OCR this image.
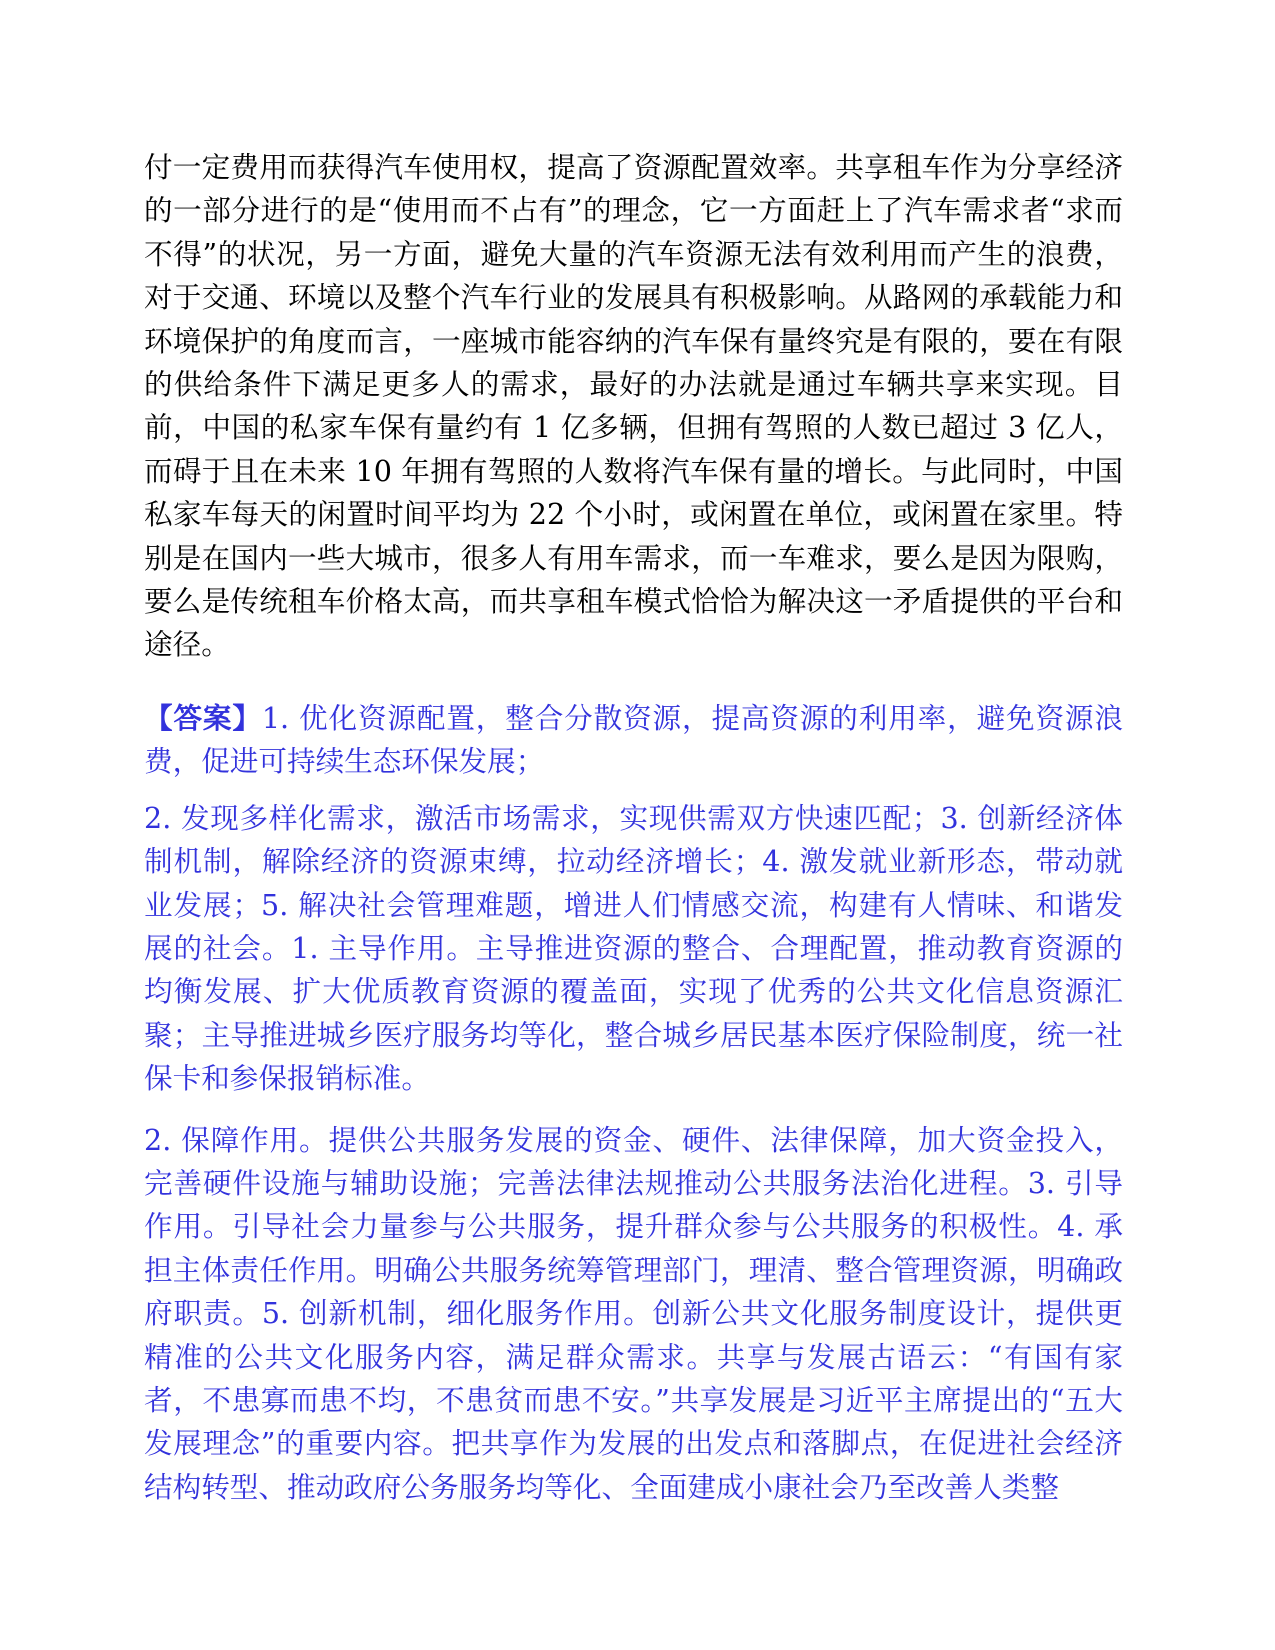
付一定费用而获得汽车使用权，提高了资源配置效率。共享租车作为分享经济的一部分进行的是“使用而不占有”的理念，它一方面赶上了汽车需求者“求而不得”的状况，另一方面，避免大量的汽车资源无法有效利用而产生的浪费，对于交通、环境以及整个汽车行业的发展具有积极影响。从路网的承载能力和环境保护的角度而言，一座城市能容纳的汽车保有量终究是有限的，要在有限的供给条件下满足更多人的需求，最好的办法就是通过车辆共享来实现。目前，中国的私家车保有量约有 1 亿多辆，但拥有驾照的人数已超过 3 亿人，而碍于且在未来 10 年拥有驾照的人数将汽车保有量的增长。与此同时，中国私家车每天的闲置时间平均为 22 个小时，或闲置在单位，或闲置在家里。特别是在国内一些大城市，很多人有用车需求，而一车难求，要么是因为限购，要么是传统租车价格太高，而共享租车模式恰恰为解决这一矛盾提供的平台和途径。

【答案】1. 优化资源配置，整合分散资源，提高资源的利用率，避免资源浪费，促进可持续生态环保发展；

2. 发现多样化需求，激活市场需求，实现供需双方快速匹配；3. 创新经济体制机制，解除经济的资源束缚，拉动经济增长；4. 激发就业新形态，带动就业发展；5. 解决社会管理难题，增进人们情感交流，构建有人情味、和谐发展的社会。1. 主导作用。主导推进资源的整合、合理配置，推动教育资源的均衡发展、扩大优质教育资源的覆盖面，实现了优秀的公共文化信息资源汇聚；主导推进城乡医疗服务均等化，整合城乡居民基本医疗保险制度，统一社保卡和参保报销标准。

2. 保障作用。提供公共服务发展的资金、硬件、法律保障，加大资金投入，完善硬件设施与辅助设施；完善法律法规推动公共服务法治化进程。3. 引导作用。引导社会力量参与公共服务，提升群众参与公共服务的积极性。4. 承担主体责任作用。明确公共服务统筹管理部门，理清、整合管理资源，明确政府职责。5. 创新机制，细化服务作用。创新公共文化服务制度设计，提供更精准的公共文化服务内容，满足群众需求。共享与发展古语云：“有国有家者，不患寡而患不均，不患贫而患不安。”共享发展是习近平主席提出的“五大发展理念”的重要内容。把共享作为发展的出发点和落脚点，在促进社会经济结构转型、推动政府公务服务均等化、全面建成小康社会乃至改善人类整
